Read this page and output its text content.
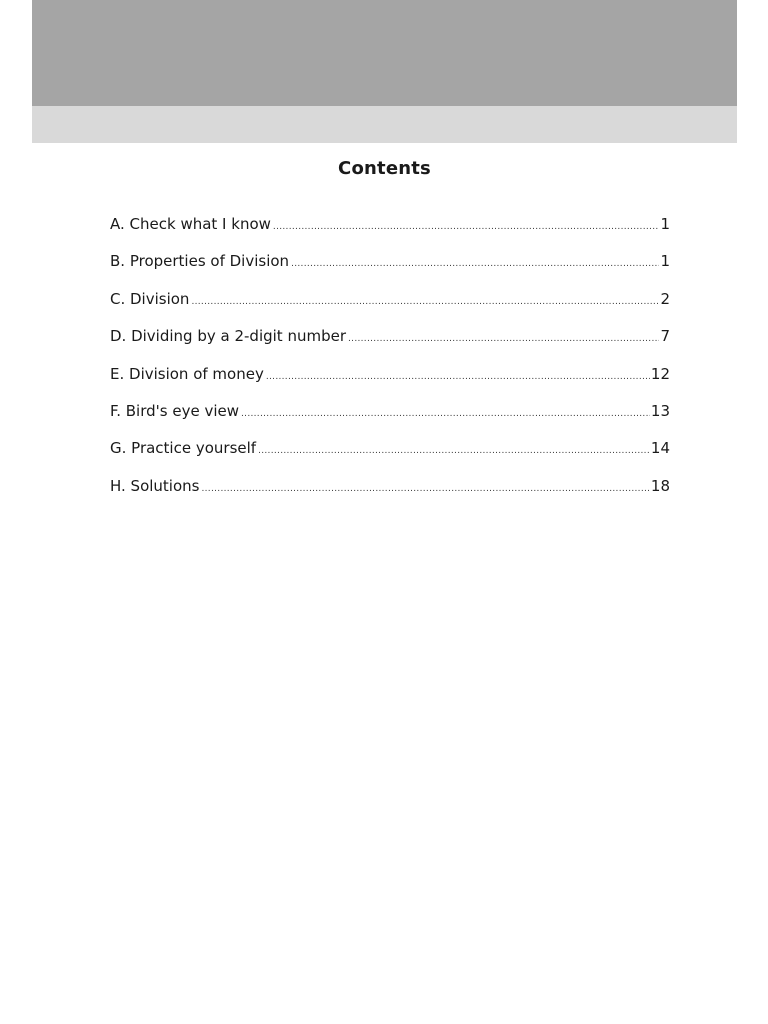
Contents
A. Check what I know .....	1
B. Properties of Division .....	1
C. Division .....	2
D. Dividing by a 2-digit number .....	7
E. Division of money .....	12
F. Bird's eye view .....	13
G. Practice yourself .....	14
H. Solutions .....	18
